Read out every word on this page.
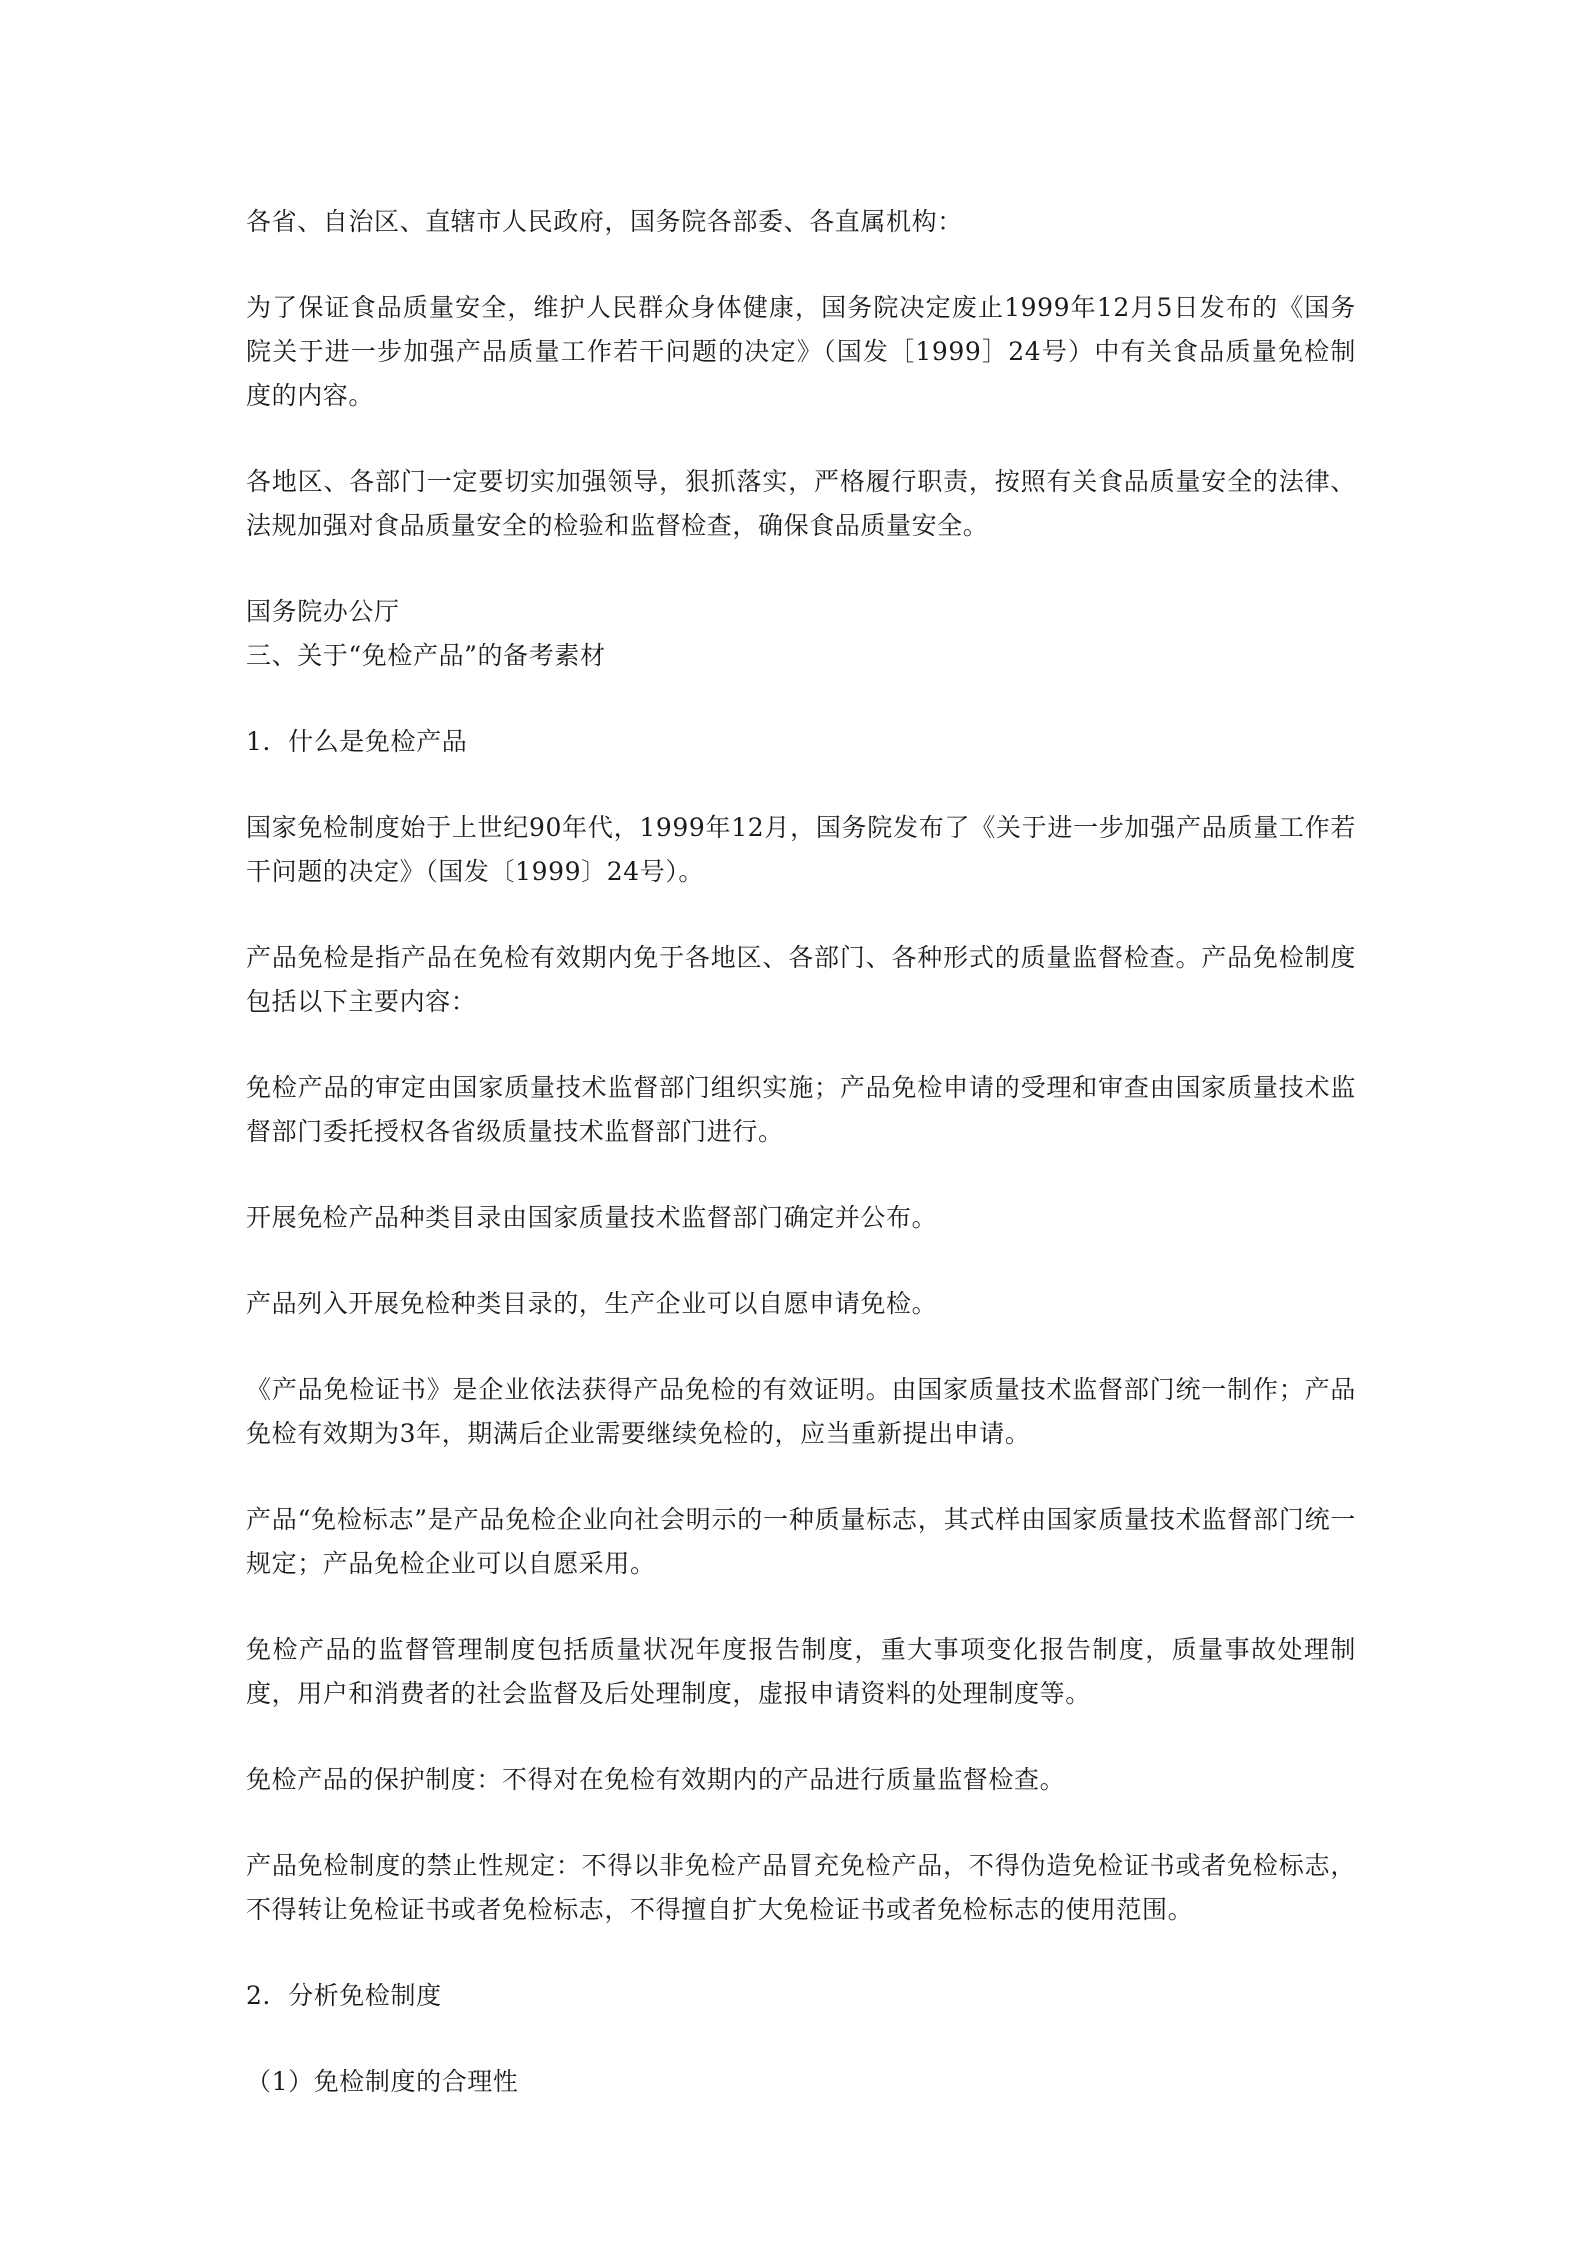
各省、自治区、直辖市人民政府，国务院各部委、各直属机构：

为了保证食品质量安全，维护人民群众身体健康，国务院决定废止1999年12月5日发布的《国务院关于进一步加强产品质量工作若干问题的决定》（国发［1999］24号）中有关食品质量免检制度的内容。

各地区、各部门一定要切实加强领导，狠抓落实，严格履行职责，按照有关食品质量安全的法律、法规加强对食品质量安全的检验和监督检查，确保食品质量安全。

国务院办公厅

三、关于“免检产品”的备考素材

1．什么是免检产品

国家免检制度始于上世纪90年代，1999年12月，国务院发布了《关于进一步加强产品质量工作若干问题的决定》（国发〔1999〕24号）。

产品免检是指产品在免检有效期内免于各地区、各部门、各种形式的质量监督检查。产品免检制度包括以下主要内容：

免检产品的审定由国家质量技术监督部门组织实施；产品免检申请的受理和审查由国家质量技术监督部门委托授权各省级质量技术监督部门进行。

开展免检产品种类目录由国家质量技术监督部门确定并公布。

产品列入开展免检种类目录的，生产企业可以自愿申请免检。

《产品免检证书》是企业依法获得产品免检的有效证明。由国家质量技术监督部门统一制作；产品免检有效期为3年，期满后企业需要继续免检的，应当重新提出申请。

产品“免检标志”是产品免检企业向社会明示的一种质量标志，其式样由国家质量技术监督部门统一规定；产品免检企业可以自愿采用。

免检产品的监督管理制度包括质量状况年度报告制度，重大事项变化报告制度，质量事故处理制度，用户和消费者的社会监督及后处理制度，虚报申请资料的处理制度等。

免检产品的保护制度：不得对在免检有效期内的产品进行质量监督检查。

产品免检制度的禁止性规定：不得以非免检产品冒充免检产品，不得伪造免检证书或者免检标志，不得转让免检证书或者免检标志，不得擅自扩大免检证书或者免检标志的使用范围。

2．分析免检制度

（1）免检制度的合理性
